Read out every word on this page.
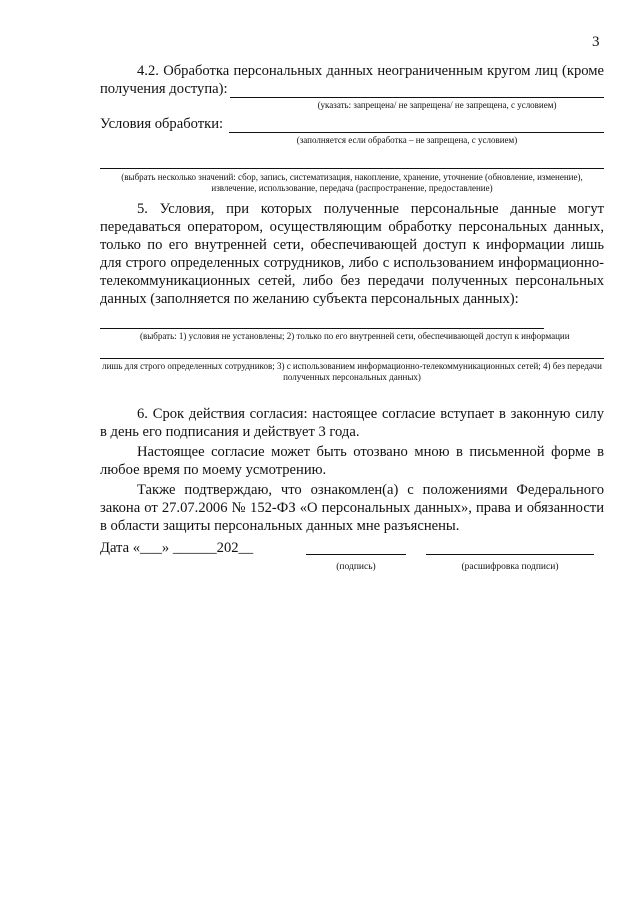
3

4.2. Обработка персональных данных неограниченным кругом лиц (кроме

получения доступа):
(указать: запрещена/ не запрещена/ не запрещена, с условием)
Условия обработки:
(заполняется если обработка – не запрещена, с условием)
(выбрать несколько значений: сбор, запись, систематизация, накопление, хранение, уточнение (обновление, изменение), извлечение, использование, передача (распространение, предоставление)

5. Условия, при которых полученные персональные данные могут передаваться оператором, осуществляющим обработку персональных данных, только по его внутренней сети, обеспечивающей доступ к информации лишь для строго определенных сотрудников, либо с использованием информационно-телекоммуникационных сетей, либо без передачи полученных персональных данных (заполняется по желанию субъекта персональных данных):

(выбрать: 1) условия не установлены; 2) только по его внутренней сети, обеспечивающей доступ к информации
лишь для строго определенных сотрудников; 3) с использованием информационно-телекоммуникационных сетей; 4) без передачи полученных персональных данных)

6. Срок действия согласия: настоящее согласие вступает в законную силу в день его подписания и действует 3 года.

Настоящее согласие может быть отозвано мною в письменной форме в любое время по моему усмотрению.

Также подтверждаю, что ознакомлен(а) с положениями Федерального закона от 27.07.2006 № 152-ФЗ «О персональных данных», права и обязанности в области защиты персональных данных мне разъяснены.

Дата «___» ______202__
(подпись)	(расшифровка подписи)
